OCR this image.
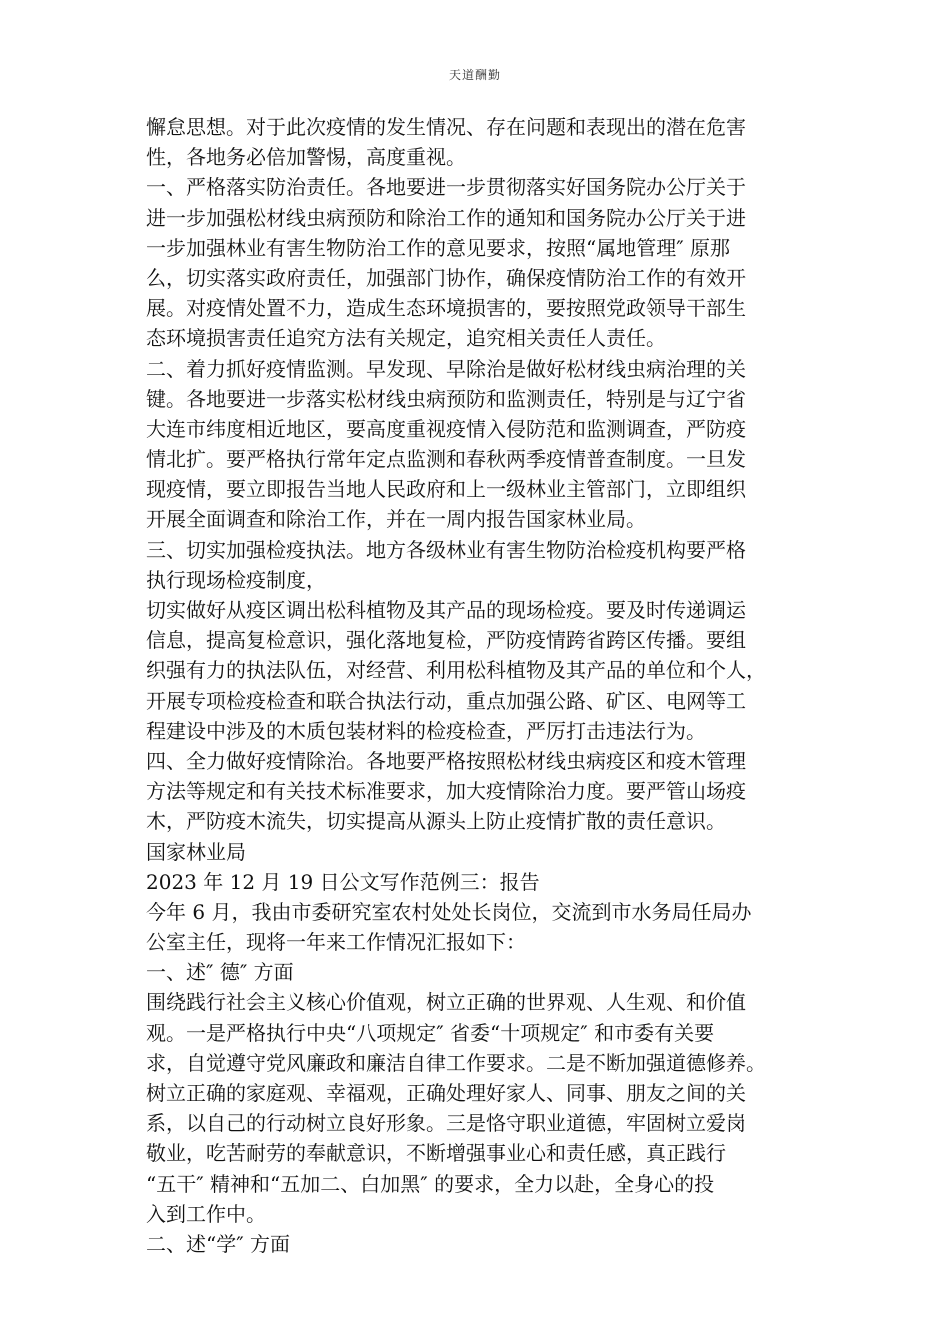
天道酬勤
懈怠思想。对于此次疫情的发生情况、存在问题和表现出的潜在危害
性，各地务必倍加警惕，高度重视。
一、严格落实防治责任。各地要进一步贯彻落实好国务院办公厅关于
进一步加强松材线虫病预防和除治工作的通知和国务院办公厅关于进
一步加强林业有害生物防治工作的意见要求，按照“属地管理″ 原那
么，切实落实政府责任，加强部门协作，确保疫情防治工作的有效开
展。对疫情处置不力，造成生态环境损害的，要按照党政领导干部生
态环境损害责任追究方法有关规定，追究相关责任人责任。
二、着力抓好疫情监测。早发现、早除治是做好松材线虫病治理的关
键。各地要进一步落实松材线虫病预防和监测责任，特别是与辽宁省
大连市纬度相近地区，要高度重视疫情入侵防范和监测调查，严防疫
情北扩。要严格执行常年定点监测和春秋两季疫情普查制度。一旦发
现疫情，要立即报告当地人民政府和上一级林业主管部门，立即组织
开展全面调查和除治工作，并在一周内报告国家林业局。
三、切实加强检疫执法。地方各级林业有害生物防治检疫机构要严格
执行现场检疫制度，
切实做好从疫区调出松科植物及其产品的现场检疫。要及时传递调运
信息，提高复检意识，强化落地复检，严防疫情跨省跨区传播。要组
织强有力的执法队伍，对经营、利用松科植物及其产品的单位和个人，
开展专项检疫检查和联合执法行动，重点加强公路、矿区、电网等工
程建设中涉及的木质包装材料的检疫检查，严厉打击违法行为。
四、全力做好疫情除治。各地要严格按照松材线虫病疫区和疫木管理
方法等规定和有关技术标准要求，加大疫情除治力度。要严管山场疫
木，严防疫木流失，切实提高从源头上防止疫情扩散的责任意识。
国家林业局
2023 年 12 月 19 日公文写作范例三：报告
今年 6 月，我由市委研究室农村处处长岗位，交流到市水务局任局办
公室主任，现将一年来工作情况汇报如下：
一、述″ 德″ 方面
围绕践行社会主义核心价值观，树立正确的世界观、人生观、和价值
观。一是严格执行中央“八项规定″ 省委“十项规定″ 和市委有关要
求，自觉遵守党风廉政和廉洁自律工作要求。二是不断加强道德修养。
树立正确的家庭观、幸福观，正确处理好家人、同事、朋友之间的关
系，以自己的行动树立良好形象。三是恪守职业道德，牢固树立爱岗
敬业，吃苦耐劳的奉献意识，不断增强事业心和责任感，真正践行
“五干″ 精神和“五加二、白加黑″ 的要求，全力以赴，全身心的投
入到工作中。
二、述“学″ 方面
